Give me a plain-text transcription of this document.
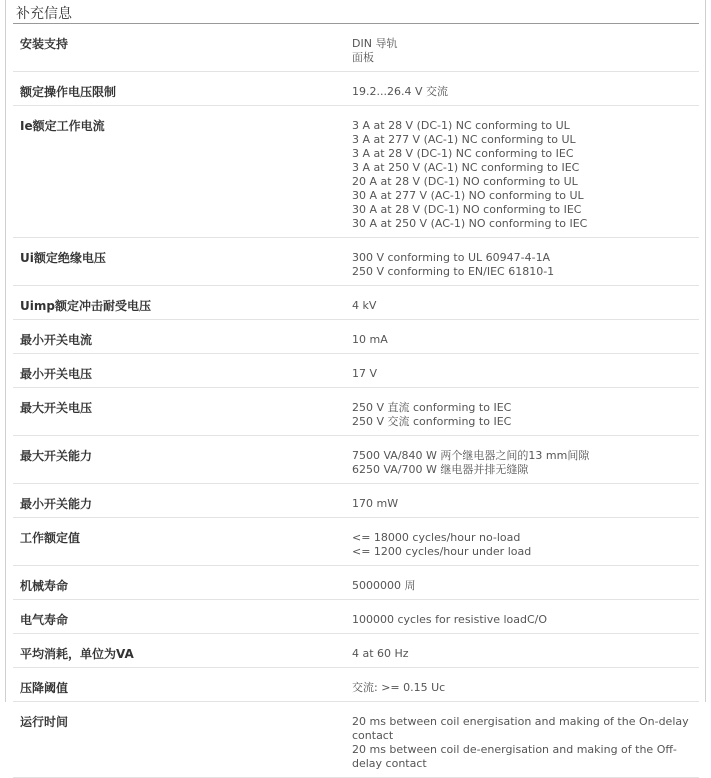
补充信息
安装支持	DIN 导轨
面板
额定操作电压限制	19.2...26.4 V 交流
Ie额定工作电流	3 A at 28 V (DC-1) NC conforming to UL
3 A at 277 V (AC-1) NC conforming to UL
3 A at 28 V (DC-1) NC conforming to IEC
3 A at 250 V (AC-1) NC conforming to IEC
20 A at 28 V (DC-1) NO conforming to UL
30 A at 277 V (AC-1) NO conforming to UL
30 A at 28 V (DC-1) NO conforming to IEC
30 A at 250 V (AC-1) NO conforming to IEC
Ui额定绝缘电压	300 V conforming to UL 60947-4-1A
250 V conforming to EN/IEC 61810-1
Uimp额定冲击耐受电压	4 kV
最小开关电流	10 mA
最小开关电压	17 V
最大开关电压	250 V 直流 conforming to IEC
250 V 交流 conforming to IEC
最大开关能力	7500 VA/840 W 两个继电器之间的13 mm间隙
6250 VA/700 W 继电器并排无缝隙
最小开关能力	170 mW
工作额定值	<= 18000 cycles/hour no-load
<= 1200 cycles/hour under load
机械寿命	5000000 周
电气寿命	100000 cycles for resistive loadC/O
平均消耗，单位为VA	4 at 60 Hz
压降阈值	交流: >= 0.15 Uc
运行时间	20 ms between coil energisation and making of the On-delay
contact
20 ms between coil de-energisation and making of the Off-
delay contact
